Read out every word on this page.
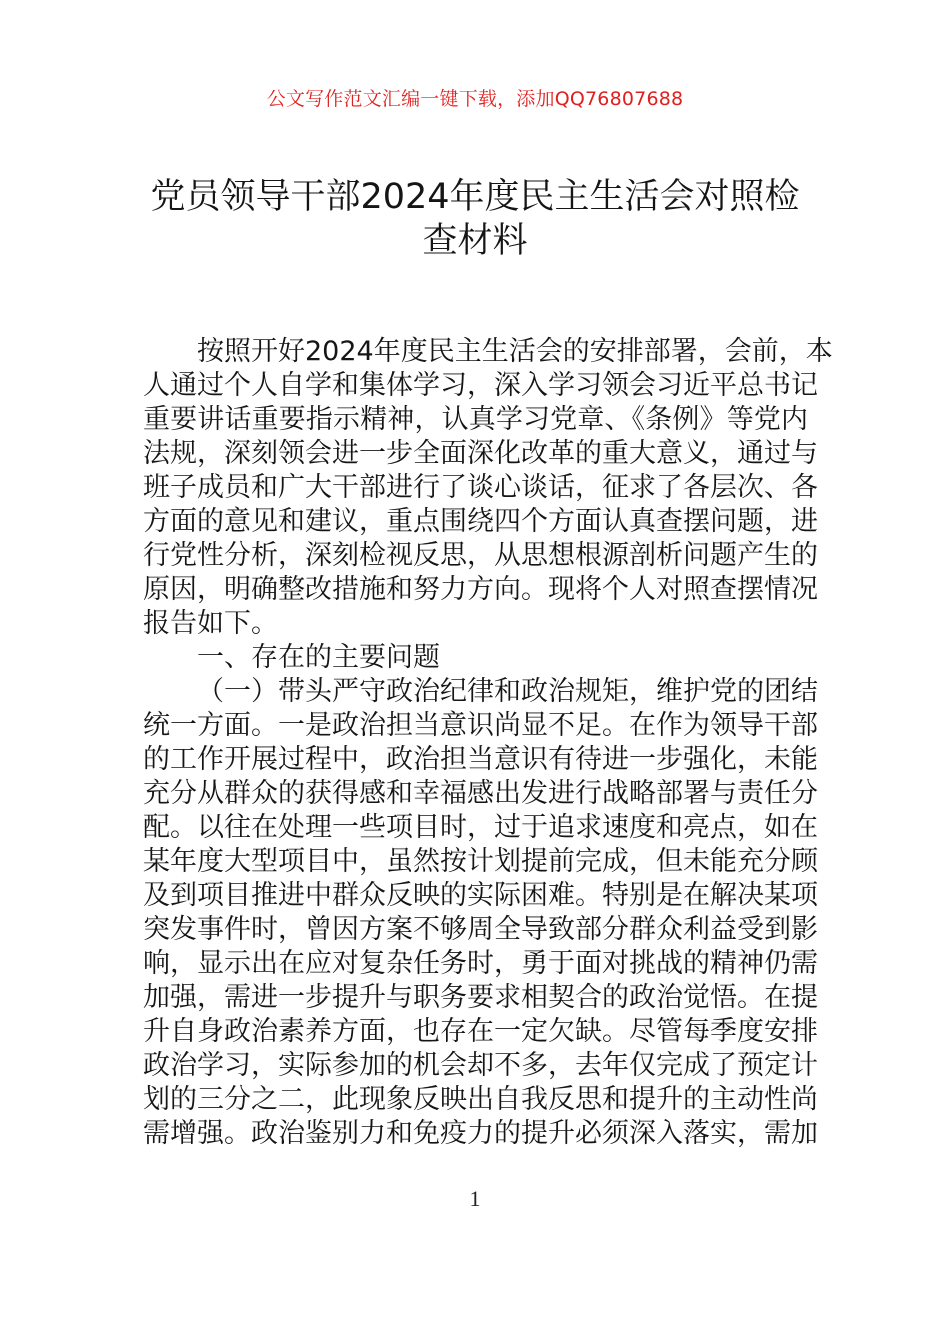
公文写作范文汇编一键下载，添加QQ76807688
党员领导干部2024年度民主生活会对照检
查材料
按照开好2024年度民主生活会的安排部署，会前，本
人通过个人自学和集体学习，深入学习领会习近平总书记
重要讲话重要指示精神，认真学习党章、《条例》等党内
法规，深刻领会进一步全面深化改革的重大意义，通过与
班子成员和广大干部进行了谈心谈话，征求了各层次、各
方面的意见和建议，重点围绕四个方面认真查摆问题，进
行党性分析，深刻检视反思，从思想根源剖析问题产生的
原因，明确整改措施和努力方向。现将个人对照查摆情况
报告如下。
一、存在的主要问题
（一）带头严守政治纪律和政治规矩，维护党的团结
统一方面。一是政治担当意识尚显不足。在作为领导干部
的工作开展过程中，政治担当意识有待进一步强化，未能
充分从群众的获得感和幸福感出发进行战略部署与责任分
配。以往在处理一些项目时，过于追求速度和亮点，如在
某年度大型项目中，虽然按计划提前完成，但未能充分顾
及到项目推进中群众反映的实际困难。特别是在解决某项
突发事件时，曾因方案不够周全导致部分群众利益受到影
响，显示出在应对复杂任务时，勇于面对挑战的精神仍需
加强，需进一步提升与职务要求相契合的政治觉悟。在提
升自身政治素养方面，也存在一定欠缺。尽管每季度安排
政治学习，实际参加的机会却不多，去年仅完成了预定计
划的三分之二，此现象反映出自我反思和提升的主动性尚
需增强。政治鉴别力和免疫力的提升必须深入落实，需加
1
